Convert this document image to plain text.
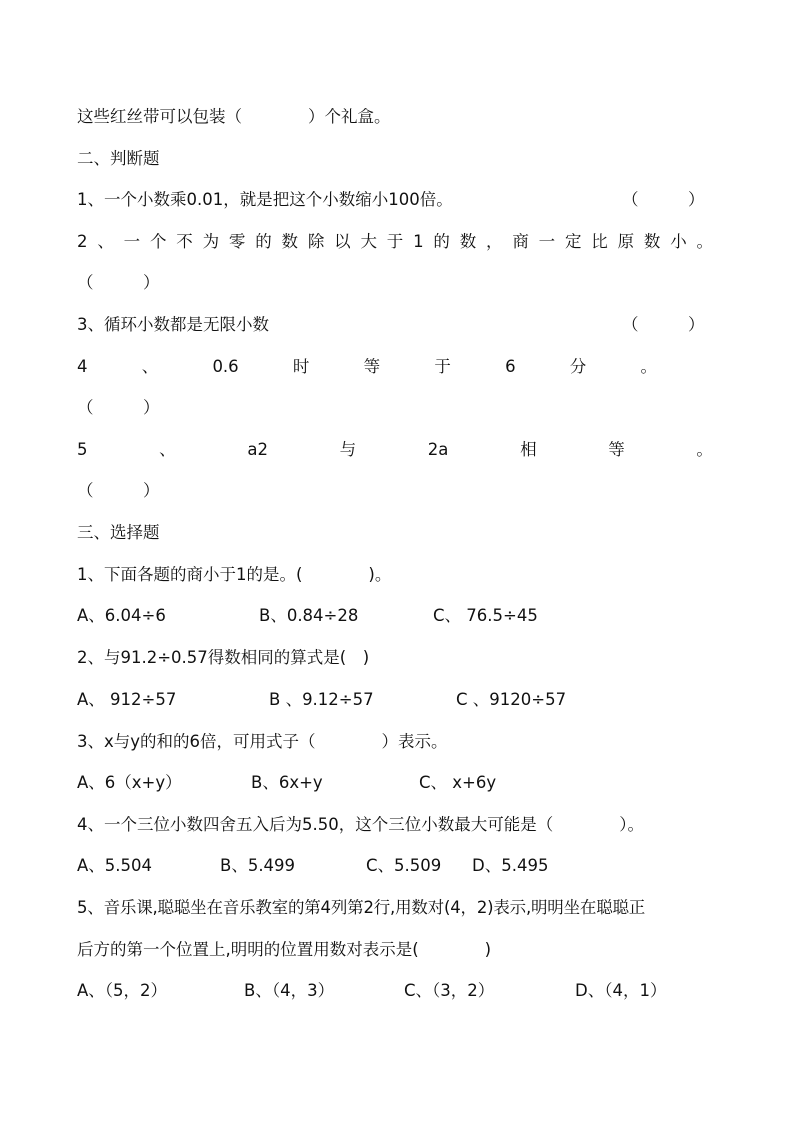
这些红丝带可以包装（　　　　）个礼盒。
二、判断题
1、一个小数乘0.01，就是把这个小数缩小100倍。	（　　　）
2 、 一 个 不 为 零 的 数 除 以 大 于 1 的 数 ， 商 一 定 比 原 数 小 。
（　　　）
3、循环小数都是无限小数	（　　　）
4	、	0.6	时	等	于	6	分	。
（　　　）
5	、	a2	与	2a	相	等	。
（　　　）
三、选择题
1、下面各题的商小于1的是。(　　　　)。

A、6.04÷6

	B、0.84÷28

	C、 76.5÷45

2、与91.2÷0.57得数相同的算式是(　)

A、 912÷57

	B 、9.12÷57

	C 、9120÷57

3、x与y的和的6倍，可用式子（　　　　）表示。

A、6（x+y）

	B、6x+y

	C、 x+6y

4、一个三位小数四舍五入后为5.50，这个三位小数最大可能是（　　　　）。

A、5.504

	B、5.499

	C、5.509

D、5.495

5、音乐课,聪聪坐在音乐教室的第4列第2行,用数对(4，2)表示,明明坐在聪聪正
后方的第一个位置上,明明的位置用数对表示是(　　　　)

A、（5，2）

	B、（4，3）

	C、（3，2）

	D、（4，1）
